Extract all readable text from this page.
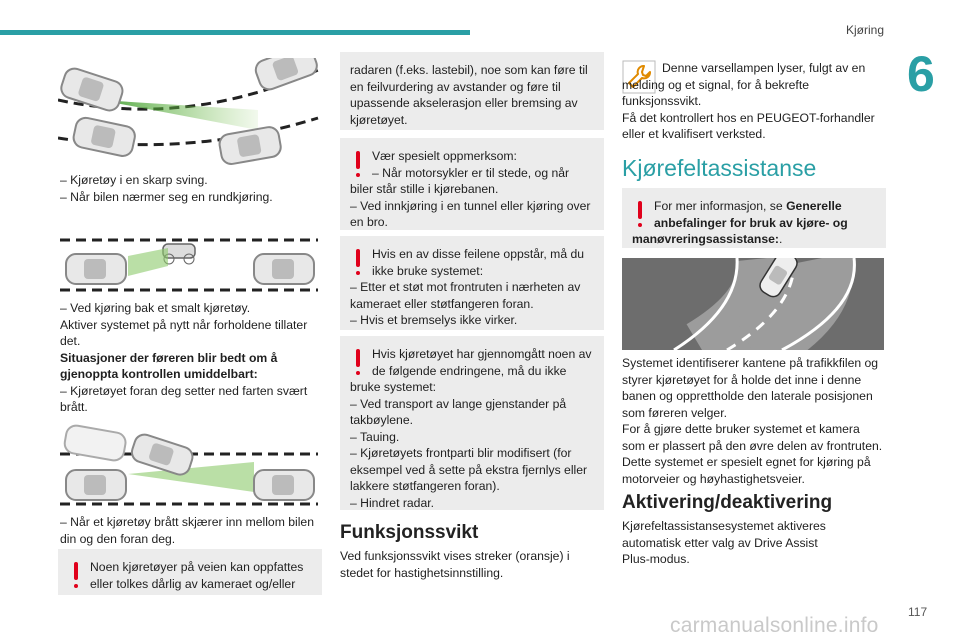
Kjøring
6

– Kjøretøy i en skarp sving.

– Når bilen nærmer seg en rundkjøring.

– Ved kjøring bak et smalt kjøretøy.

Aktiver systemet på nytt når forholdene tillater det.

Situasjoner der føreren blir bedt om å gjenoppta kontrollen umiddelbart:

– Kjøretøyet foran deg setter ned farten svært brått.

– Når et kjøretøy brått skjærer inn mellom bilen din og den foran deg.

Noen kjøretøyer på veien kan oppfattes eller tolkes dårlig av kameraet og/eller

radaren (f.eks. lastebil), noe som kan føre til en feilvurdering av avstander og føre til upassende akselerasjon eller bremsing av kjøretøyet.

Vær spesielt oppmerksom:

– Når motorsykler er til stede, og når biler står stille i kjørebanen.

– Ved innkjøring i en tunnel eller kjøring over en bro.

Hvis en av disse feilene oppstår, må du ikke bruke systemet:

– Etter et støt mot frontruten i nærheten av kameraet eller støtfangeren foran.

– Hvis et bremselys ikke virker.

Hvis kjøretøyet har gjennomgått noen av de følgende endringene, må du ikke bruke systemet:

– Ved transport av lange gjenstander på takbøylene.

– Tauing.

– Kjøretøyets frontparti blir modifisert (for eksempel ved å sette på ekstra fjernlys eller lakkere støtfangeren foran).

– Hindret radar.

Funksjonssvikt

Ved funksjonssvikt vises streker (oransje) i stedet for hastighetsinnstilling.

Denne varsellampen lyser, fulgt av en melding og et signal, for å bekrefte funksjonssvikt.

Få det kontrollert hos en PEUGEOT-forhandler eller et kvalifisert verksted.

Kjørefeltassistanse

For mer informasjon, se Generelle anbefalinger for bruk av kjøre- og manøvreringsassistanse:.

Systemet identifiserer kantene på trafikkfilen og styrer kjøretøyet for å holde det inne i denne banen og opprettholde den laterale posisjonen som føreren velger.

For å gjøre dette bruker systemet et kamera som er plassert på den øvre delen av frontruten.

Dette systemet er spesielt egnet for kjøring på motorveier og høyhastighetsveier.

Aktivering/deaktivering

Kjørefeltassistansesystemet aktiveres automatisk etter valg av Drive Assist Plus-modus.

carmanualsonline.info
117
